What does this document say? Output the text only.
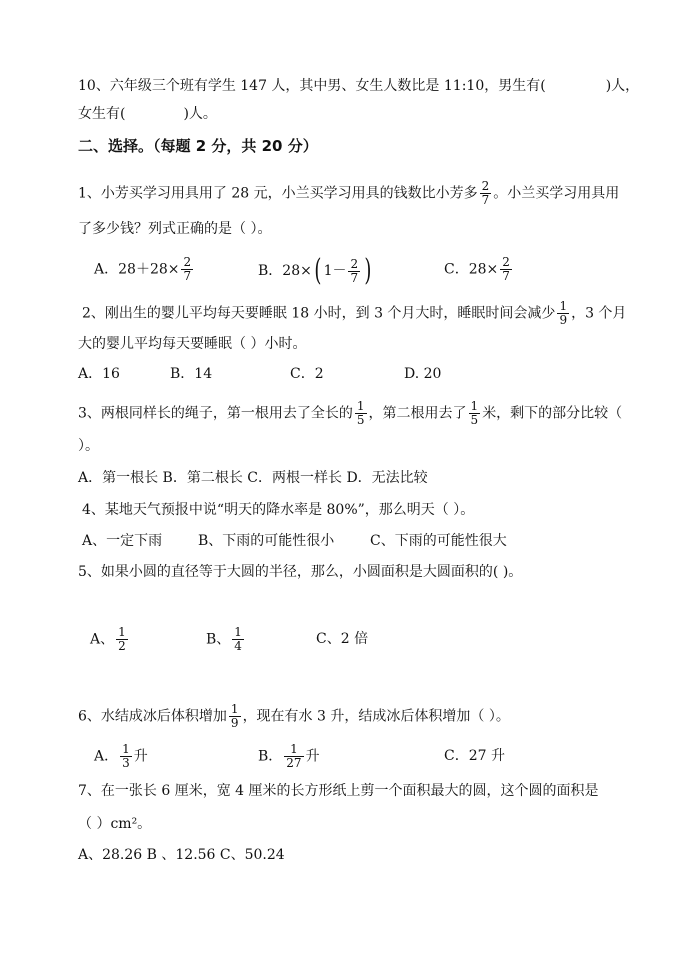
10、六年级三个班有学生 147 人，其中男、女生人数比是 11:10，男生有(	)人，
女生有(	)人。
二、选择。（每题 2 分，共 20 分）
1、小芳买学习用具用了 28 元，小兰买学习用具的钱数比小芳多 $\frac{2}{7}$ 。小兰买学习用具用
了多少钱？列式正确的是（ ）。
A．$28+28\times \frac{2}{7}$	B．28× ( $1- \frac{2}{7}$ )	C．$28\times \frac{2}{7}$
2、刚出生的婴儿平均每天要睡眠 18 小时，到 3 个月大时，睡眠时间会减少 $\frac{1}{9}$ ，3 个月
大的婴儿平均每天要睡眠（ ）小时。
A．16	B．14	C．2	D. 20
3、两根同样长的绳子，第一根用去了全长的 $\frac{1}{5}$ ，第二根用去了 $\frac{1}{5}$ 米，剩下的部分比较（
）。
A．第一根长 B．第二根长 C．两根一样长 D．无法比较
4、某地天气预报中说“明天的降水率是 80%”，那么明天（ ）。
A、一定下雨	B、下雨的可能性很小	C、下雨的可能性很大
5、如果小圆的直径等于大圆的半径，那么，小圆面积是大圆面积的( )。
A、 $\frac{1}{2}$	B、 $\frac{1}{4}$	C、2 倍
6、水结成冰后体积增加 $\frac{1}{9}$ ，现在有水 3 升，结成冰后体积增加（ ）。
A． $\frac{1}{3}$ 升	B． $\frac{1}{27}$ 升	C．27 升
7、在一张长 6 厘米，宽 4 厘米的长方形纸上剪一个面积最大的圆，这个圆的面积是
（ ）cm²。
A、28.26 B 、12.56 C、50.24
